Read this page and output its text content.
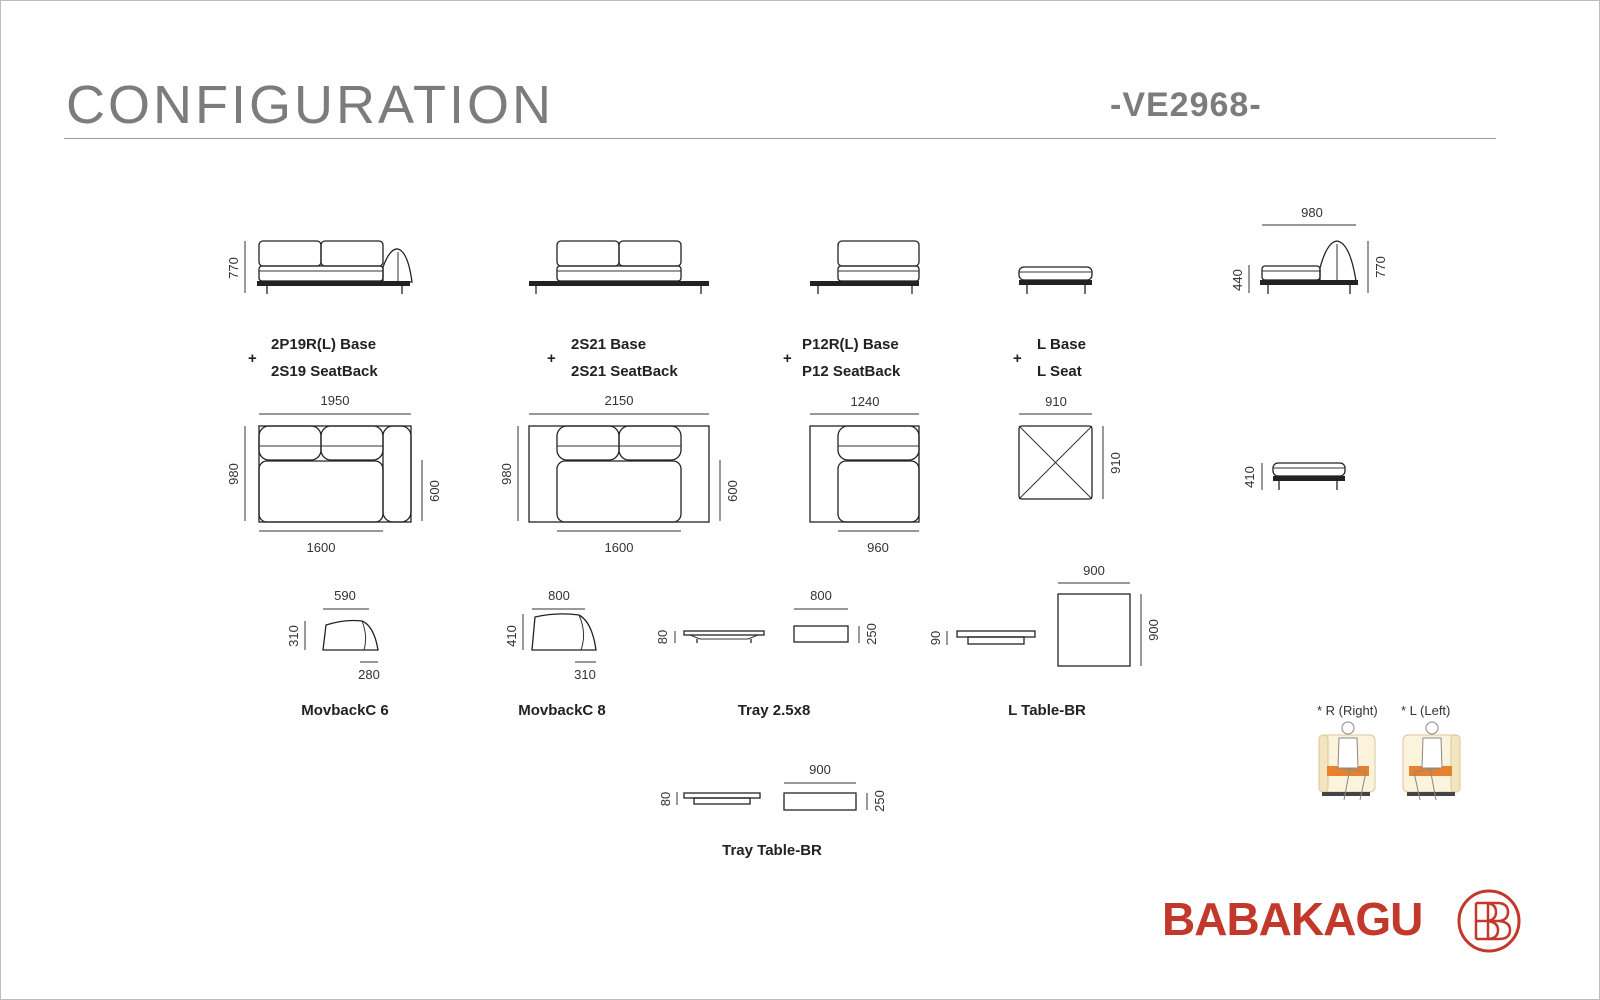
CONFIGURATION	-VE2968-
770
+
2P19R(L) Base
2S19 SeatBack
1950
980
600
1600
+
2S21 Base
2S21 SeatBack
2150
980
600
1600
+
P12R(L) Base
P12 SeatBack
1240
960
+
L Base
L Seat
910
910
980
440
770
410
590
310
280
MovbackC 6
800
410
310
MovbackC 8
80
800
250
Tray 2.5x8
90
900
900
L Table-BR
80
900
250
Tray Table-BR
* R (Right) * L (Left)
BABAKAGU
